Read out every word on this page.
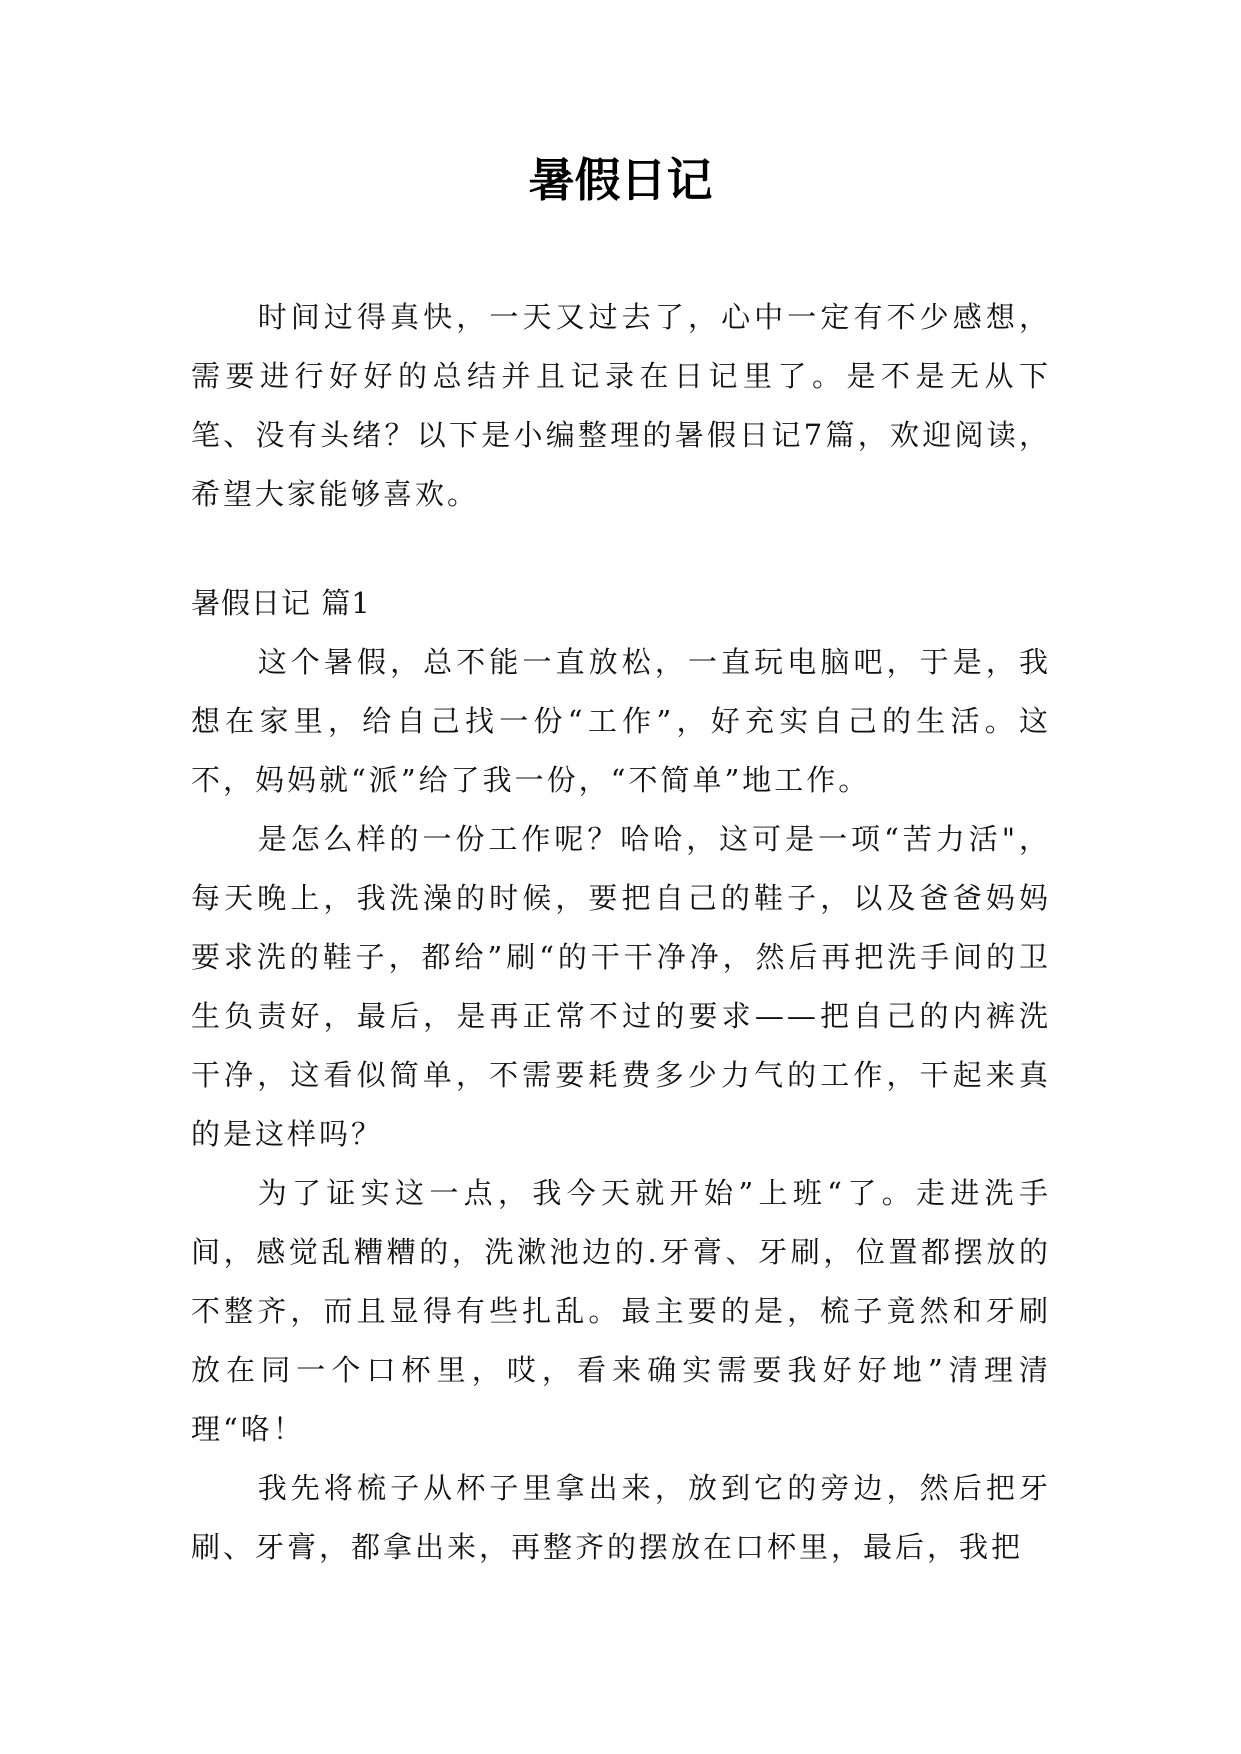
暑假日记

时间过得真快，一天又过去了，心中一定有不少感想，需要进行好好的总结并且记录在日记里了。是不是无从下笔、没有头绪？以下是小编整理的暑假日记7篇，欢迎阅读，希望大家能够喜欢。

暑假日记 篇1

这个暑假，总不能一直放松，一直玩电脑吧，于是，我想在家里，给自己找一份“工作”，好充实自己的生活。这不，妈妈就“派”给了我一份，“不简单”地工作。

是怎么样的一份工作呢？哈哈，这可是一项“苦力活"，每天晚上，我洗澡的时候，要把自己的鞋子，以及爸爸妈妈要求洗的鞋子，都给”刷“的干干净净，然后再把洗手间的卫生负责好，最后，是再正常不过的要求——把自己的内裤洗干净，这看似简单，不需要耗费多少力气的工作，干起来真的是这样吗？

为了证实这一点，我今天就开始”上班“了。走进洗手间，感觉乱糟糟的，洗漱池边的.牙膏、牙刷，位置都摆放的不整齐，而且显得有些扎乱。最主要的是，梳子竟然和牙刷放在同一个口杯里，哎，看来确实需要我好好地”清理清理“咯！

我先将梳子从杯子里拿出来，放到它的旁边，然后把牙刷、牙膏，都拿出来，再整齐的摆放在口杯里，最后，我把
